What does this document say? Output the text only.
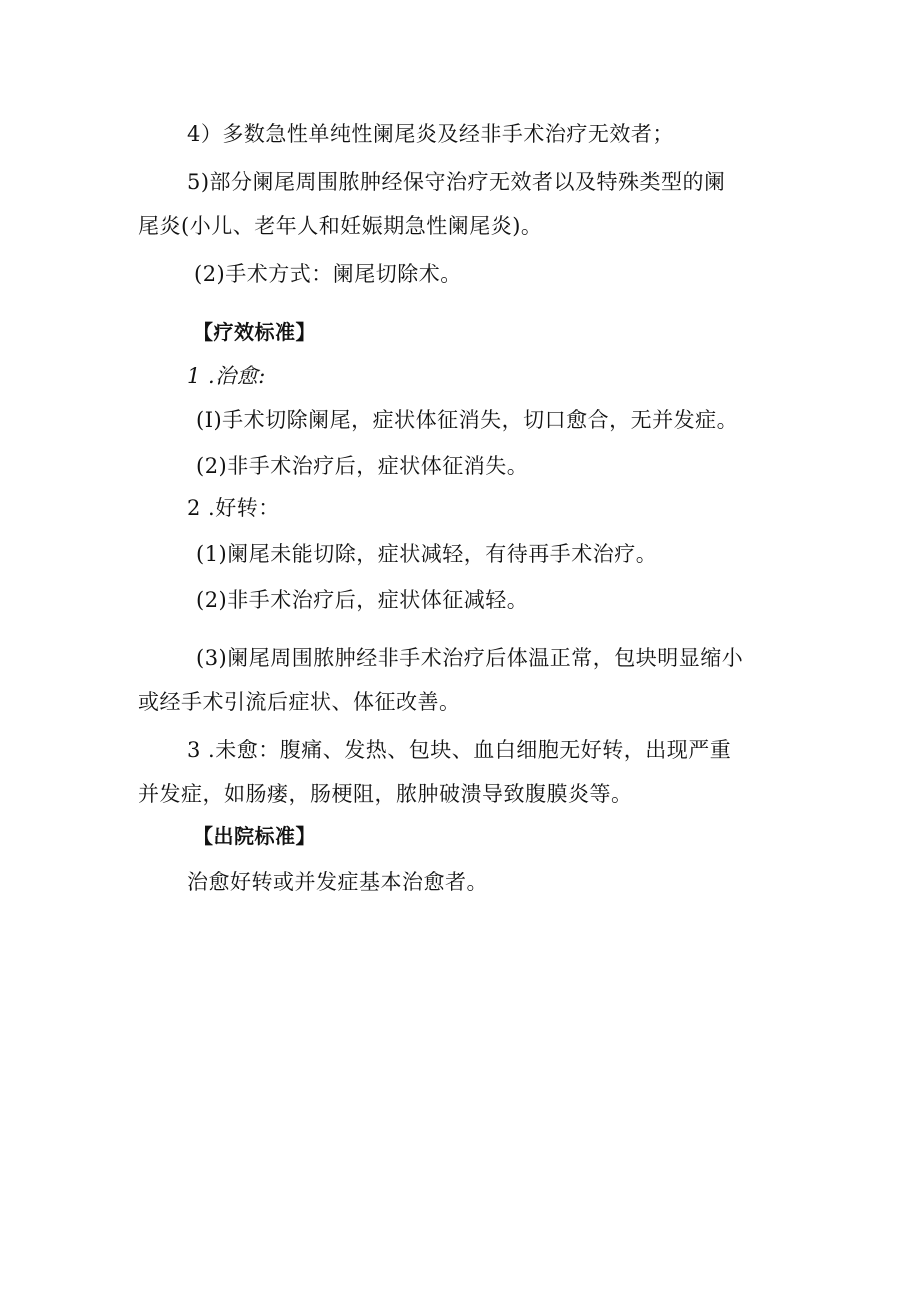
4）多数急性单纯性阑尾炎及经非手术治疗无效者；
5)部分阑尾周围脓肿经保守治疗无效者以及特殊类型的阑
尾炎(小儿、老年人和妊娠期急性阑尾炎)。
(2)手术方式：阑尾切除术。
【疗效标准】
1 .治愈:
(I)手术切除阑尾，症状体征消失，切口愈合，无并发症。
(2)非手术治疗后，症状体征消失。
2 .好转：
(1)阑尾未能切除，症状减轻，有待再手术治疗。
(2)非手术治疗后，症状体征减轻。
(3)阑尾周围脓肿经非手术治疗后体温正常，包块明显缩小
或经手术引流后症状、体征改善。
3 .未愈：腹痛、发热、包块、血白细胞无好转，出现严重
并发症，如肠瘘，肠梗阻，脓肿破溃导致腹膜炎等。
【出院标准】
治愈好转或并发症基本治愈者。
